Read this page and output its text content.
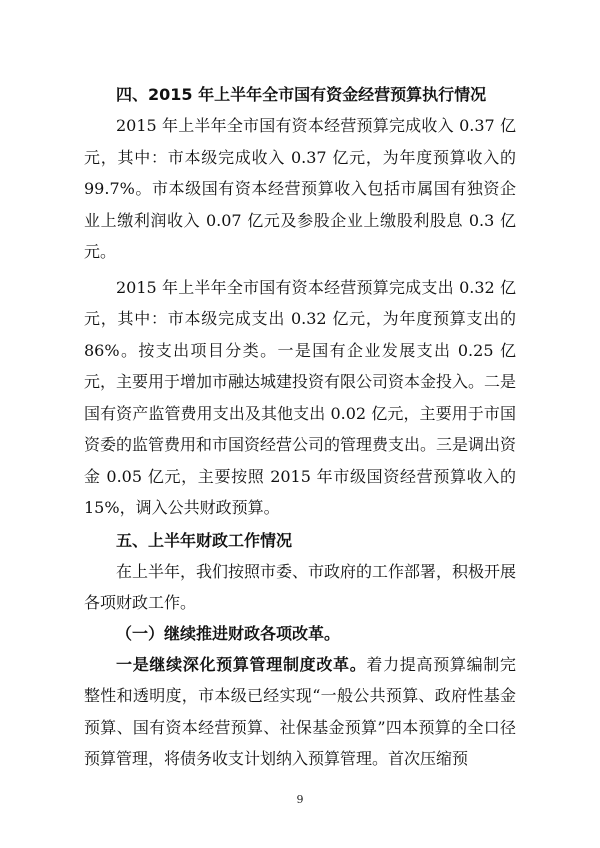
四、2015 年上半年全市国有资金经营预算执行情况

2015 年上半年全市国有资本经营预算完成收入 0.37 亿元，其中：市本级完成收入 0.37 亿元，为年度预算收入的 99.7%。市本级国有资本经营预算收入包括市属国有独资企业上缴利润收入 0.07 亿元及参股企业上缴股利股息 0.3 亿元。

2015 年上半年全市国有资本经营预算完成支出 0.32 亿元，其中：市本级完成支出 0.32 亿元，为年度预算支出的 86%。按支出项目分类。一是国有企业发展支出 0.25 亿元，主要用于增加市融达城建投资有限公司资本金投入。二是国有资产监管费用支出及其他支出 0.02 亿元，主要用于市国资委的监管费用和市国资经营公司的管理费支出。三是调出资金 0.05 亿元，主要按照 2015 年市级国资经营预算收入的 15%，调入公共财政预算。

五、上半年财政工作情况

在上半年，我们按照市委、市政府的工作部署，积极开展各项财政工作。

（一）继续推进财政各项改革。

一是继续深化预算管理制度改革。着力提高预算编制完整性和透明度，市本级已经实现“一般公共预算、政府性基金预算、国有资本经营预算、社保基金预算”四本预算的全口径预算管理，将债务收支计划纳入预算管理。首次压缩预

9
